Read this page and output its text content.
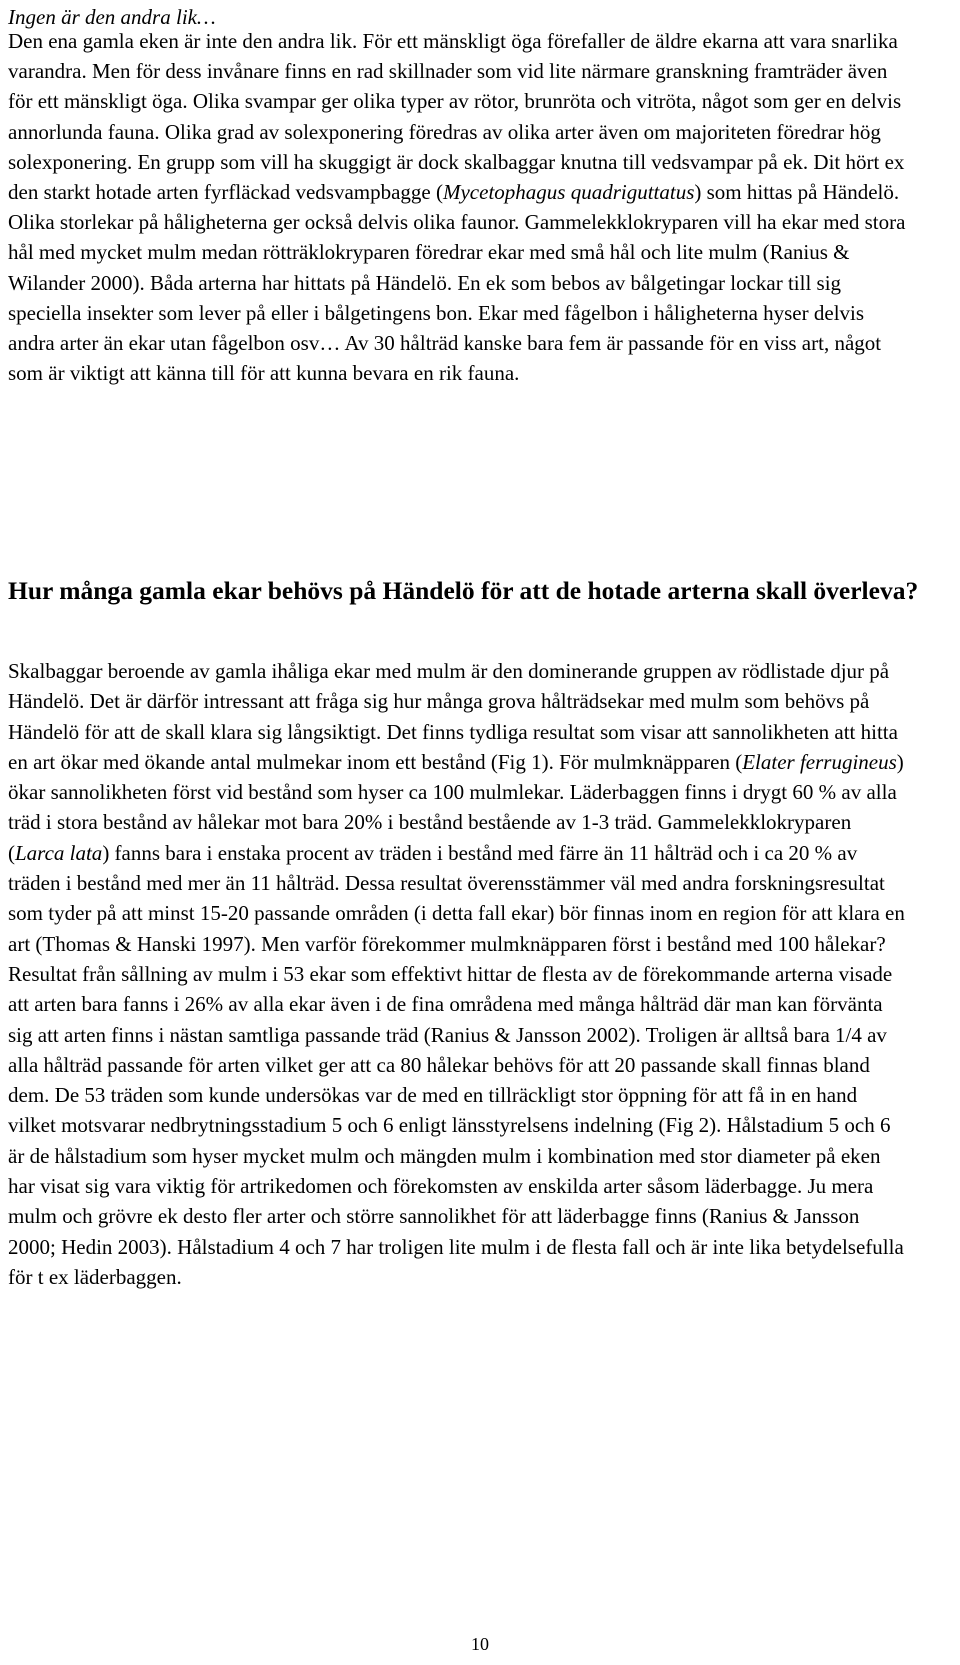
Ingen är den andra lik…

Den ena gamla eken är inte den andra lik. För ett mänskligt öga förefaller de äldre ekarna att vara snarlika varandra. Men för dess invånare finns en rad skillnader som vid lite närmare granskning framträder även för ett mänskligt öga. Olika svampar ger olika typer av rötor, brunröta och vitröta, något som ger en delvis annorlunda fauna. Olika grad av solexponering föredras av olika arter även om majoriteten föredrar hög solexponering. En grupp som vill ha skuggigt är dock skalbaggar knutna till vedsvampar på ek. Dit hört ex den starkt hotade arten fyrfläckad vedsvampbagge (Mycetophagus quadriguttatus) som hittas på Händelö. Olika storlekar på håligheterna ger också delvis olika faunor. Gammelekklokryparen vill ha ekar med stora hål med mycket mulm medan rötträklokryparen föredrar ekar med små hål och lite mulm (Ranius & Wilander 2000). Båda arterna har hittats på Händelö. En ek som bebos av bålgetingar lockar till sig speciella insekter som lever på eller i bålgetingens bon. Ekar med fågelbon i håligheterna hyser delvis andra arter än ekar utan fågelbon osv… Av 30 hålträd kanske bara fem är passande för en viss art, något som är viktigt att känna till för att kunna bevara en rik fauna.

Hur många gamla ekar behövs på Händelö för att de hotade arterna skall överleva?

Skalbaggar beroende av gamla ihåliga ekar med mulm är den dominerande gruppen av rödlistade djur på Händelö. Det är därför intressant att fråga sig hur många grova hålträdsekar med mulm som behövs på Händelö för att de skall klara sig långsiktigt. Det finns tydliga resultat som visar att sannolikheten att hitta en art ökar med ökande antal mulmekar inom ett bestånd (Fig 1). För mulmknäpparen (Elater ferrugineus) ökar sannolikheten först vid bestånd som hyser ca 100 mulmlekar. Läderbaggen finns i drygt 60 % av alla träd i stora bestånd av hålekar mot bara 20% i bestånd bestående av 1-3 träd. Gammelekklokryparen (Larca lata) fanns bara i enstaka procent av träden i bestånd med färre än 11 hålträd och i ca 20 % av träden i bestånd med mer än 11 hålträd. Dessa resultat överensstämmer väl med andra forskningsresultat som tyder på att minst 15-20 passande områden (i detta fall ekar) bör finnas inom en region för att klara en art (Thomas & Hanski 1997). Men varför förekommer mulmknäpparen först i bestånd med 100 hålekar? Resultat från sållning av mulm i 53 ekar som effektivt hittar de flesta av de förekommande arterna visade att arten bara fanns i 26% av alla ekar även i de fina områdena med många hålträd där man kan förvänta sig att arten finns i nästan samtliga passande träd (Ranius & Jansson 2002). Troligen är alltså bara 1/4 av alla hålträd passande för arten vilket ger att ca 80 hålekar behövs för att 20 passande skall finnas bland dem. De 53 träden som kunde undersökas var de med en tillräckligt stor öppning för att få in en hand vilket motsvarar nedbrytningsstadium 5 och 6 enligt länsstyrelsens indelning (Fig 2). Hålstadium 5 och 6 är de hålstadium som hyser mycket mulm och mängden mulm i kombination med stor diameter på eken har visat sig vara viktig för artrikedomen och förekomsten av enskilda arter såsom läderbagge. Ju mera mulm och grövre ek desto fler arter och större sannolikhet för att läderbagge finns (Ranius & Jansson 2000; Hedin 2003). Hålstadium 4 och 7 har troligen lite mulm i de flesta fall och är inte lika betydelsefulla för t ex läderbaggen.

10
